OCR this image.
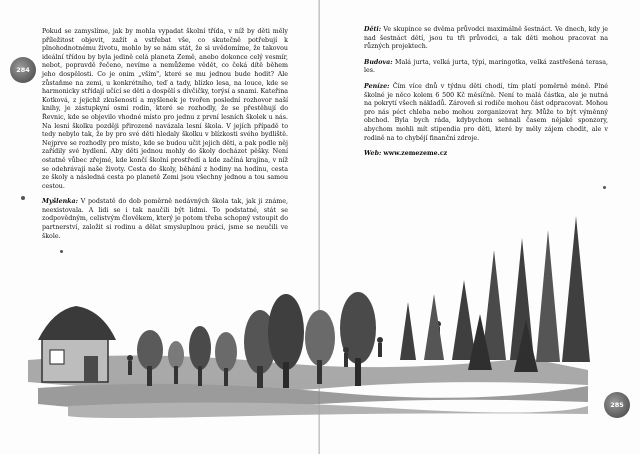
284

Pokud se zamyslíme, jak by mohla vypadat školní třída, v níž by děti měly příležitost objevit, zažít a vstřebat vše, co skutečně potřebují k plnohodnotnému životu, mohlo by se nám stát, že si uvědomíme, že takovou ideální třídou by byla jedině celá planeta Země, anebo dokonce celý vesmír, nebot, popravdě řečeno, nevíme a nemůžeme vědět, co čeká dítě během jeho dospělosti. Co je onim „vším", které se mu jednou bude hodit? Ale zůstaňme na zemi, u konkrétního, teď a tady, blízko lesa, na louce, kde se harmonicky střídají učící se děti a dospělí s dívčičky, torýsí a snami. Kateřina Kotková, z jejichž zkušeností a myšlenek je tvořen poslední rozhovor naší knihy, je zástupkyní osmi rodin, které se rozhodly, že se přestěhují do Řevnic, kde se objevilo vhodné místo pro jednu z první lesních školek u nás. Na lesní školku později přirozeně navázala lesní škola. V jejích případě to tedy nebylo tak, že by pro své děti hledaly školku v blízkosti svého bydliště. Nejprve se rozhodly pro místo, kde se budou učit jejich děti, a pak podle něj zařídily své bydlení. Aby děti jednou mohly do školy docházet pěšky. Není ostatně vůbec zřejmé, kde končí školní prostředí a kde začíná krajina, v níž se odehrávají naše životy. Cesta do školy, běhání z hodiny na hodinu, cesta ze školy a následná cesta po planetě Zemi jsou všechny jednou a tou samou cestou.

Myšlenka: V podstatě do dob poměrně nedávných škola tak, jak ji známe, neexistovala. A lidi se i tak naučili být lidmi. To podstatné, stát se zodpovědným, celistvým člověkem, který je potom třeba schopný vstoupit do partnerství, založit si rodinu a dělat smysluplnou práci, jsme se neučili ve škole.

Děti: Ve skupince se dvěma průvodci maximálně šestnáct. Ve dnech, kdy je nad šestnáct dětí, jsou tu tři průvodci, a tak děti mohou pracovat na různých projektech.

Budova: Malá jurta, velká jurta, týpí, maringotka, velká zastřešená terasa, les.

Peníze: Čím více dnů v týdnu děti chodí, tím platí poměrně méně. Plné školné je něco kolem 6 500 Kč měsíčně. Není to malá částka, ale je nutná na pokrytí všech nákladů. Zároveň si rodiče mohou část odpracovat. Mohou pro nás péct chleba nebo mohou zorganizovat hry. Může to být výměnný obchod. Byla bych ráda, kdybychom sehnali časem nějaké sponzory, abychom mohli mít stipendia pro děti, které by měly zájem chodit, ale v rodině na to chybějí finanční zdroje.

Web: www.zemezeme.cz

285
